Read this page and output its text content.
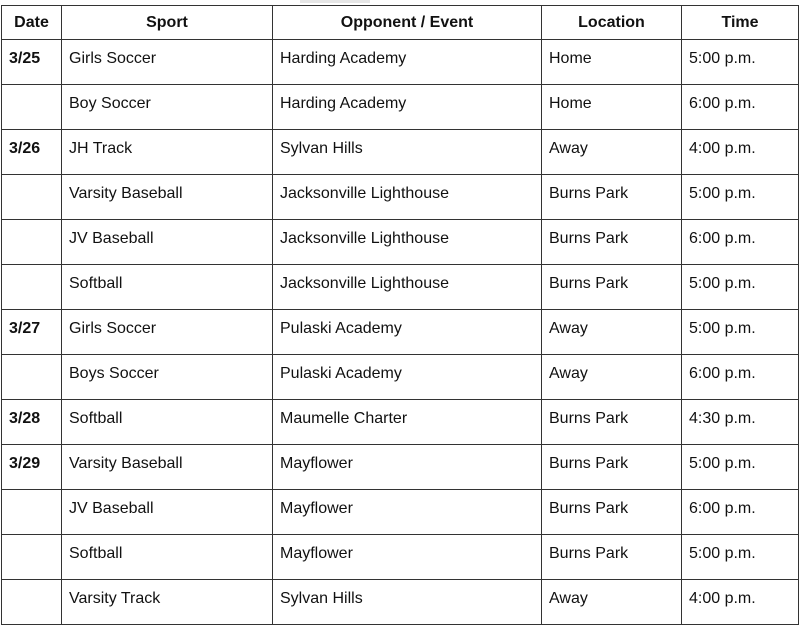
Date	Sport	Opponent / Event	Location	Time
3/25	Girls Soccer	Harding Academy	Home	5:00 p.m.
	Boy Soccer	Harding Academy	Home	6:00 p.m.
3/26	JH Track	Sylvan Hills	Away	4:00 p.m.
	Varsity Baseball	Jacksonville Lighthouse	Burns Park	5:00 p.m.
	JV Baseball	Jacksonville Lighthouse	Burns Park	6:00 p.m.
	Softball	Jacksonville Lighthouse	Burns Park	5:00 p.m.
3/27	Girls Soccer	Pulaski Academy	Away	5:00 p.m.
	Boys Soccer	Pulaski Academy	Away	6:00 p.m.
3/28	Softball	Maumelle Charter	Burns Park	4:30 p.m.
3/29	Varsity Baseball	Mayflower	Burns Park	5:00 p.m.
	JV Baseball	Mayflower	Burns Park	6:00 p.m.
	Softball	Mayflower	Burns Park	5:00 p.m.
	Varsity Track	Sylvan Hills	Away	4:00 p.m.
